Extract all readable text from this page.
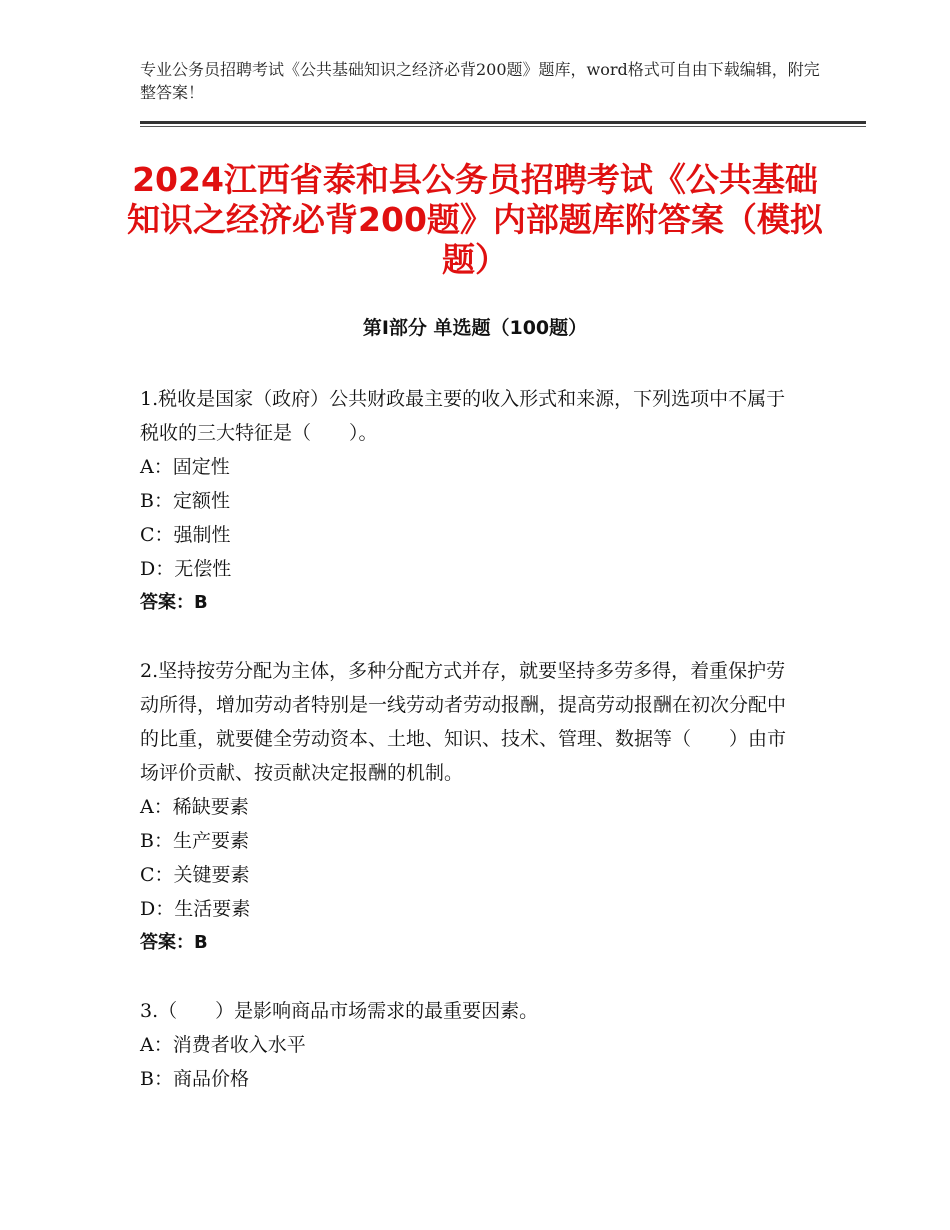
专业公务员招聘考试《公共基础知识之经济必背200题》题库，word格式可自由下载编辑，附完整答案！
2024江西省泰和县公务员招聘考试《公共基础知识之经济必背200题》内部题库附答案（模拟题）
第Ⅰ部分 单选题（100题）
1.税收是国家（政府）公共财政最主要的收入形式和来源，下列选项中不属于税收的三大特征是（　　）。
A：固定性
B：定额性
C：强制性
D：无偿性
答案：B
2.坚持按劳分配为主体，多种分配方式并存，就要坚持多劳多得，着重保护劳动所得，增加劳动者特别是一线劳动者劳动报酬，提高劳动报酬在初次分配中的比重，就要健全劳动资本、土地、知识、技术、管理、数据等（　　）由市场评价贡献、按贡献决定报酬的机制。
A：稀缺要素
B：生产要素
C：关键要素
D：生活要素
答案：B
3.（　　）是影响商品市场需求的最重要因素。
A：消费者收入水平
B：商品价格
